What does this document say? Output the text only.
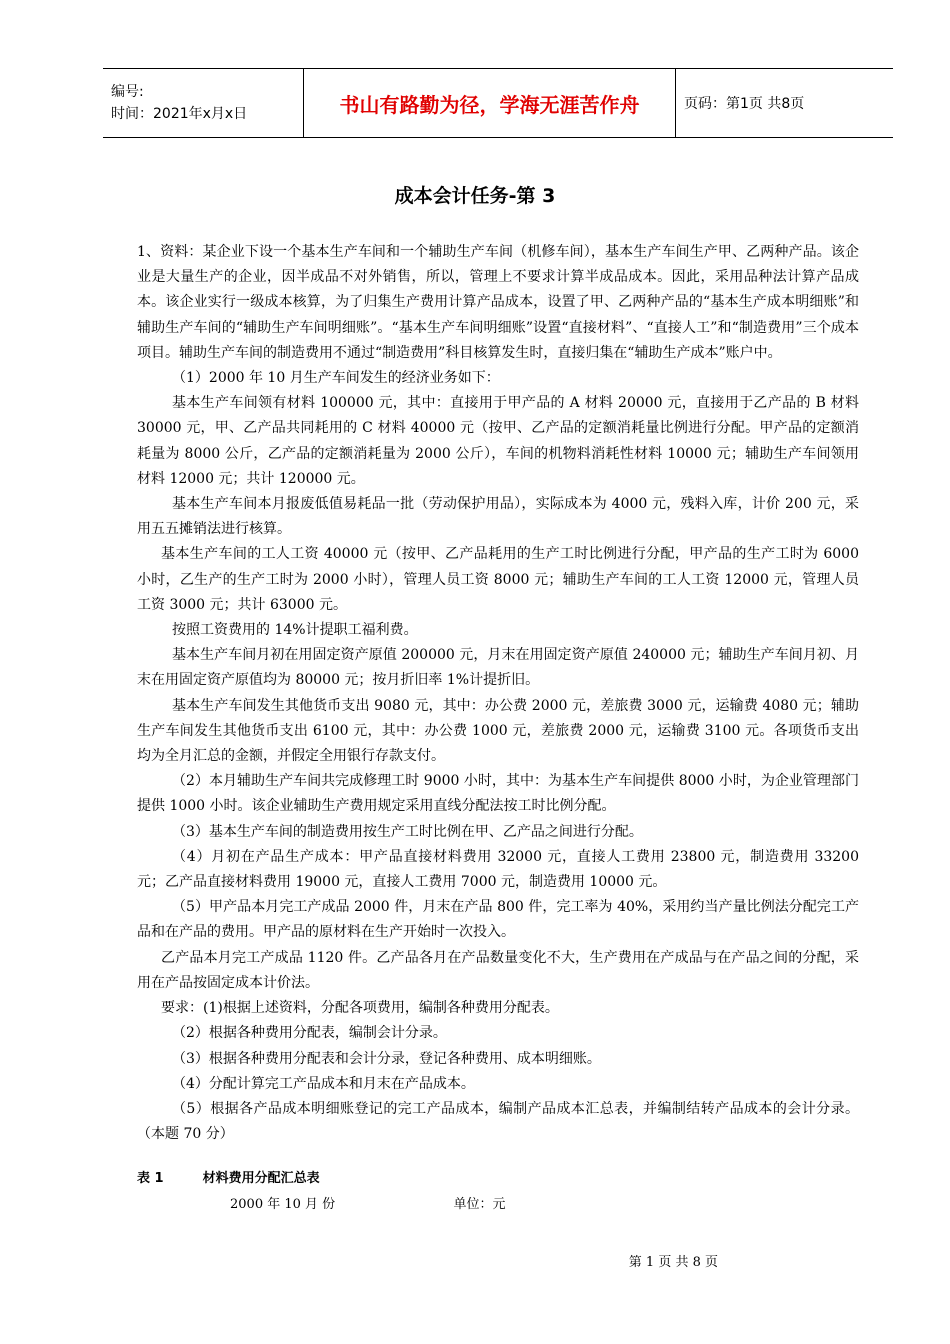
编号:
时间：2021年x月x日	书山有路勤为径，学海无涯苦作舟	页码：第1页 共8页
成本会计任务-第 3

1、资料：某企业下设一个基本生产车间和一个辅助生产车间（机修车间），基本生产车间生产甲、乙两种产品。该企业是大量生产的企业，因半成品不对外销售，所以，管理上不要求计算半成品成本。因此，采用品种法计算产品成本。该企业实行一级成本核算，为了归集生产费用计算产品成本，设置了甲、乙两种产品的“基本生产成本明细账”和辅助生产车间的“辅助生产车间明细账”。“基本生产车间明细账”设置“直接材料”、“直接人工”和“制造费用”三个成本项目。辅助生产车间的制造费用不通过“制造费用”科目核算发生时，直接归集在“辅助生产成本”账户中。

（1）2000 年 10 月生产车间发生的经济业务如下：

基本生产车间领有材料 100000 元，其中：直接用于甲产品的 A 材料 20000 元，直接用于乙产品的 B 材料 30000 元，甲、乙产品共同耗用的 C 材料 40000 元（按甲、乙产品的定额消耗量比例进行分配。甲产品的定额消耗量为 8000 公斤，乙产品的定额消耗量为 2000 公斤），车间的机物料消耗性材料 10000 元；辅助生产车间领用材料 12000 元；共计 120000 元。

基本生产车间本月报废低值易耗品一批（劳动保护用品），实际成本为 4000 元，残料入库，计价 200 元，采用五五摊销法进行核算。

基本生产车间的工人工资 40000 元（按甲、乙产品耗用的生产工时比例进行分配，甲产品的生产工时为 6000 小时，乙生产的生产工时为 2000 小时），管理人员工资 8000 元；辅助生产车间的工人工资 12000 元，管理人员工资 3000 元；共计 63000 元。

按照工资费用的 14%计提职工福利费。

基本生产车间月初在用固定资产原值 200000 元，月末在用固定资产原值 240000 元；辅助生产车间月初、月末在用固定资产原值均为 80000 元；按月折旧率 1%计提折旧。

基本生产车间发生其他货币支出 9080 元，其中：办公费 2000 元，差旅费 3000 元，运输费 4080 元；辅助生产车间发生其他货币支出 6100 元，其中：办公费 1000 元，差旅费 2000 元，运输费 3100 元。各项货币支出均为全月汇总的金额，并假定全用银行存款支付。

（2）本月辅助生产车间共完成修理工时 9000 小时，其中：为基本生产车间提供 8000 小时，为企业管理部门提供 1000 小时。该企业辅助生产费用规定采用直线分配法按工时比例分配。

（3）基本生产车间的制造费用按生产工时比例在甲、乙产品之间进行分配。

（4）月初在产品生产成本：甲产品直接材料费用 32000 元，直接人工费用 23800 元，制造费用 33200 元；乙产品直接材料费用 19000 元，直接人工费用 7000 元，制造费用 10000 元。

（5）甲产品本月完工产成品 2000 件，月末在产品 800 件，完工率为 40%，采用约当产量比例法分配完工产品和在产品的费用。甲产品的原材料在生产开始时一次投入。

乙产品本月完工产成品 1120 件。乙产品各月在产品数量变化不大，生产费用在产成品与在产品之间的分配，采用在产品按固定成本计价法。

要求：(1)根据上述资料，分配各项费用，编制各种费用分配表。

（2）根据各种费用分配表，编制会计分录。

（3）根据各种费用分配表和会计分录，登记各种费用、成本明细账。

（4）分配计算完工产品成本和月末在产品成本。

（5）根据各产品成本明细账登记的完工产品成本，编制产品成本汇总表，并编制结转产品成本的会计分录。（本题 70 分）

表 1	材料费用分配汇总表
2000 年 10 月 份	单位：元
第 1 页 共 8 页
